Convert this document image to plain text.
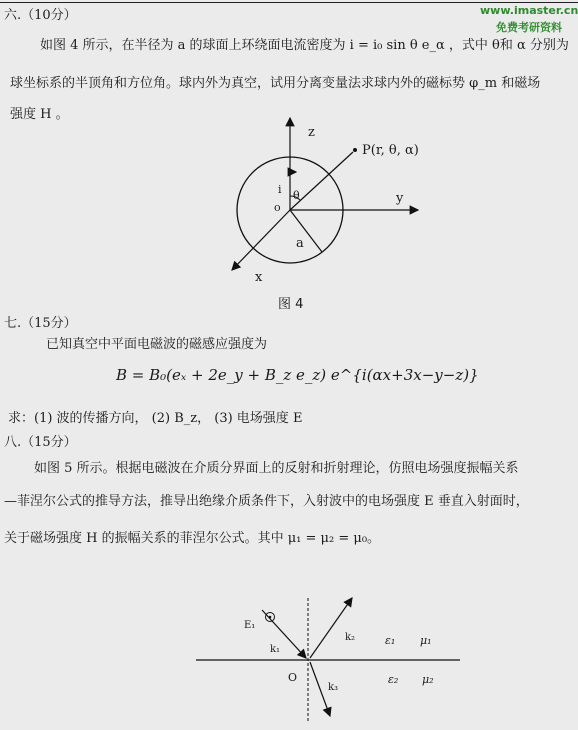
www.imaster.cn
免费考研资料
六.（10分）
如图 4 所示，在半径为 a 的球面上环绕面电流密度为 i = i₀ sin θ e_α ，式中 θ和 α 分别为
球坐标系的半顶角和方位角。球内外为真空，试用分离变量法求球内外的磁标势 φ_m 和磁场
强度 H 。
z
P(r, θ, α)
y
x
i θ
o
a
图 4
七.（15分）
已知真空中平面电磁波的磁感应强度为
B = B₀(eₓ + 2e_y + B_z e_z) e^{i(αx+3x−y−z)}
求：(1) 波的传播方向， (2) B_z， (3) 电场强度 E
八.（15分）
如图 5 所示。根据电磁波在介质分界面上的反射和折射理论，仿照电场强度振幅关系
—菲涅尔公式的推导方法，推导出绝缘介质条件下，入射波中的电场强度 E 垂直入射面时，
关于磁场强度 H 的振幅关系的菲涅尔公式。其中 μ₁ = μ₂ = μ₀。
E₁
k₁
k₂
k₃
O
ε₁ μ₁
ε₂ μ₂
